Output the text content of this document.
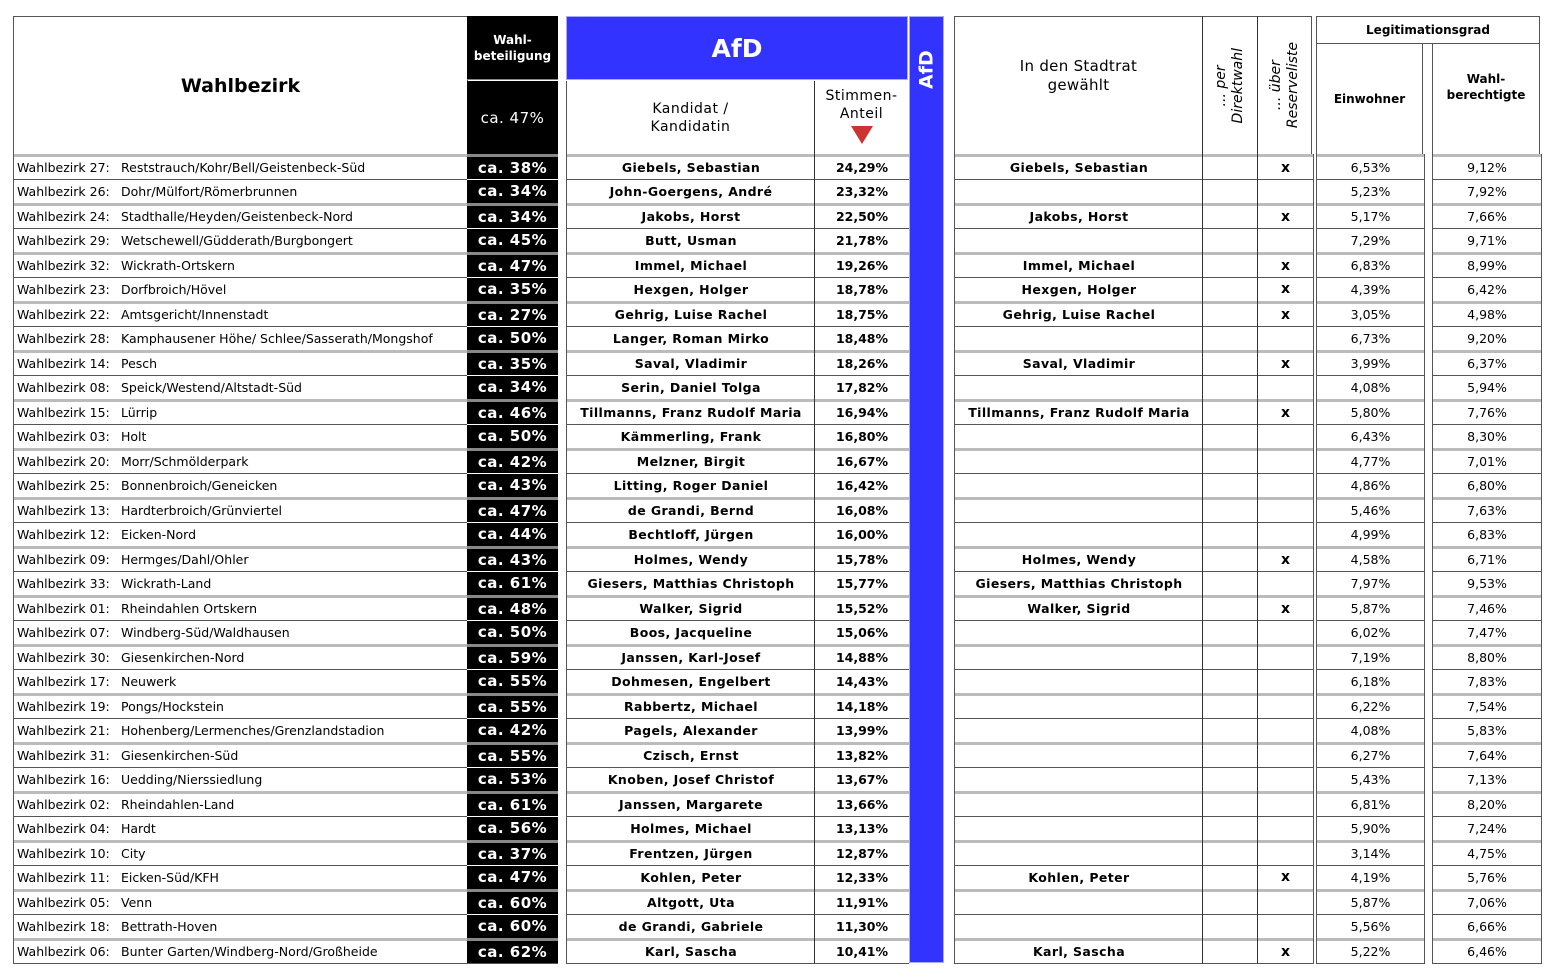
Wahlbezirk
Wahl-
beteiligung
ca. 47%
AfD
Kandidat /
Kandidatin
Stimmen-
Anteil
AfD	In den Stadtrat
gewählt
... per
Direktwahl ... über
Reserveliste
Legitimationsgrad
Einwohner
Wahl-
berechtigte
Wahlbezirk 27: Reststrauch/Kohr/Bell/Geistenbeck-Süd
Wahlbezirk 26: Dohr/Mülfort/Römerbrunnen
Wahlbezirk 24: Stadthalle/Heyden/Geistenbeck-Nord
Wahlbezirk 29: Wetschewell/Güdderath/Burgbongert
Wahlbezirk 32: Wickrath-Ortskern
Wahlbezirk 23: Dorfbroich/Hövel
Wahlbezirk 22: Amtsgericht/Innenstadt
Wahlbezirk 28: Kamphausener Höhe/ Schlee/Sasserath/Mongshof
Wahlbezirk 14: Pesch
Wahlbezirk 08: Speick/Westend/Altstadt-Süd
Wahlbezirk 15: Lürrip
Wahlbezirk 03: Holt
Wahlbezirk 20: Morr/Schmölderpark
Wahlbezirk 25: Bonnenbroich/Geneicken
Wahlbezirk 13: Hardterbroich/Grünviertel
Wahlbezirk 12: Eicken-Nord
Wahlbezirk 09: Hermges/Dahl/Ohler
Wahlbezirk 33: Wickrath-Land
Wahlbezirk 01: Rheindahlen Ortskern
Wahlbezirk 07: Windberg-Süd/Waldhausen
Wahlbezirk 30: Giesenkirchen-Nord
Wahlbezirk 17: Neuwerk
Wahlbezirk 19: Pongs/Hockstein
Wahlbezirk 21: Hohenberg/Lermenches/Grenzlandstadion
Wahlbezirk 31: Giesenkirchen-Süd
Wahlbezirk 16: Uedding/Nierssiedlung
Wahlbezirk 02: Rheindahlen-Land
Wahlbezirk 04: Hardt
Wahlbezirk 10: City
Wahlbezirk 11: Eicken-Süd/KFH
Wahlbezirk 05: Venn
Wahlbezirk 18: Bettrath-Hoven
Wahlbezirk 06: Bunter Garten/Windberg-Nord/Großheide
ca. 38%
ca. 34%
ca. 34%
ca. 45%
ca. 47%
ca. 35%
ca. 27%
ca. 50%
ca. 35%
ca. 34%
ca. 46%
ca. 50%
ca. 42%
ca. 43%
ca. 47%
ca. 44%
ca. 43%
ca. 61%
ca. 48%
ca. 50%
ca. 59%
ca. 55%
ca. 55%
ca. 42%
ca. 55%
ca. 53%
ca. 61%
ca. 56%
ca. 37%
ca. 47%
ca. 60%
ca. 60%
ca. 62%
Giebels, Sebastian
John-Goergens, André
Jakobs, Horst
Butt, Usman
Immel, Michael
Hexgen, Holger
Gehrig, Luise Rachel
Langer, Roman Mirko
Saval, Vladimir
Serin, Daniel Tolga
Tillmanns, Franz Rudolf Maria
Kämmerling, Frank
Melzner, Birgit
Litting, Roger Daniel
de Grandi, Bernd
Bechtloff, Jürgen
Holmes, Wendy
Giesers, Matthias Christoph
Walker, Sigrid
Boos, Jacqueline
Janssen, Karl-Josef
Dohmesen, Engelbert
Rabbertz, Michael
Pagels, Alexander
Czisch, Ernst
Knoben, Josef Christof
Janssen, Margarete
Holmes, Michael
Frentzen, Jürgen
Kohlen, Peter
Altgott, Uta
de Grandi, Gabriele
Karl, Sascha
24,29%
23,32%
22,50%
21,78%
19,26%
18,78%
18,75%
18,48%
18,26%
17,82%
16,94%
16,80%
16,67%
16,42%
16,08%
16,00%
15,78%
15,77%
15,52%
15,06%
14,88%
14,43%
14,18%
13,99%
13,82%
13,67%
13,66%
13,13%
12,87%
12,33%
11,91%
11,30%
10,41%
Giebels, Sebastian
Jakobs, Horst
Immel, Michael
Hexgen, Holger
Gehrig, Luise Rachel
Saval, Vladimir
Tillmanns, Franz Rudolf Maria
Holmes, Wendy
Giesers, Matthias Christoph
Walker, Sigrid
Kohlen, Peter
Karl, Sascha
x
x
x
x
x
x
x
x
x
x
x
6,53%
5,23%
5,17%
7,29%
6,83%
4,39%
3,05%
6,73%
3,99%
4,08%
5,80%
6,43%
4,77%
4,86%
5,46%
4,99%
4,58%
7,97%
5,87%
6,02%
7,19%
6,18%
6,22%
4,08%
6,27%
5,43%
6,81%
5,90%
3,14%
4,19%
5,87%
5,56%
5,22%
9,12%
7,92%
7,66%
9,71%
8,99%
6,42%
4,98%
9,20%
6,37%
5,94%
7,76%
8,30%
7,01%
6,80%
7,63%
6,83%
6,71%
9,53%
7,46%
7,47%
8,80%
7,83%
7,54%
5,83%
7,64%
7,13%
8,20%
7,24%
4,75%
5,76%
7,06%
6,66%
6,46%
